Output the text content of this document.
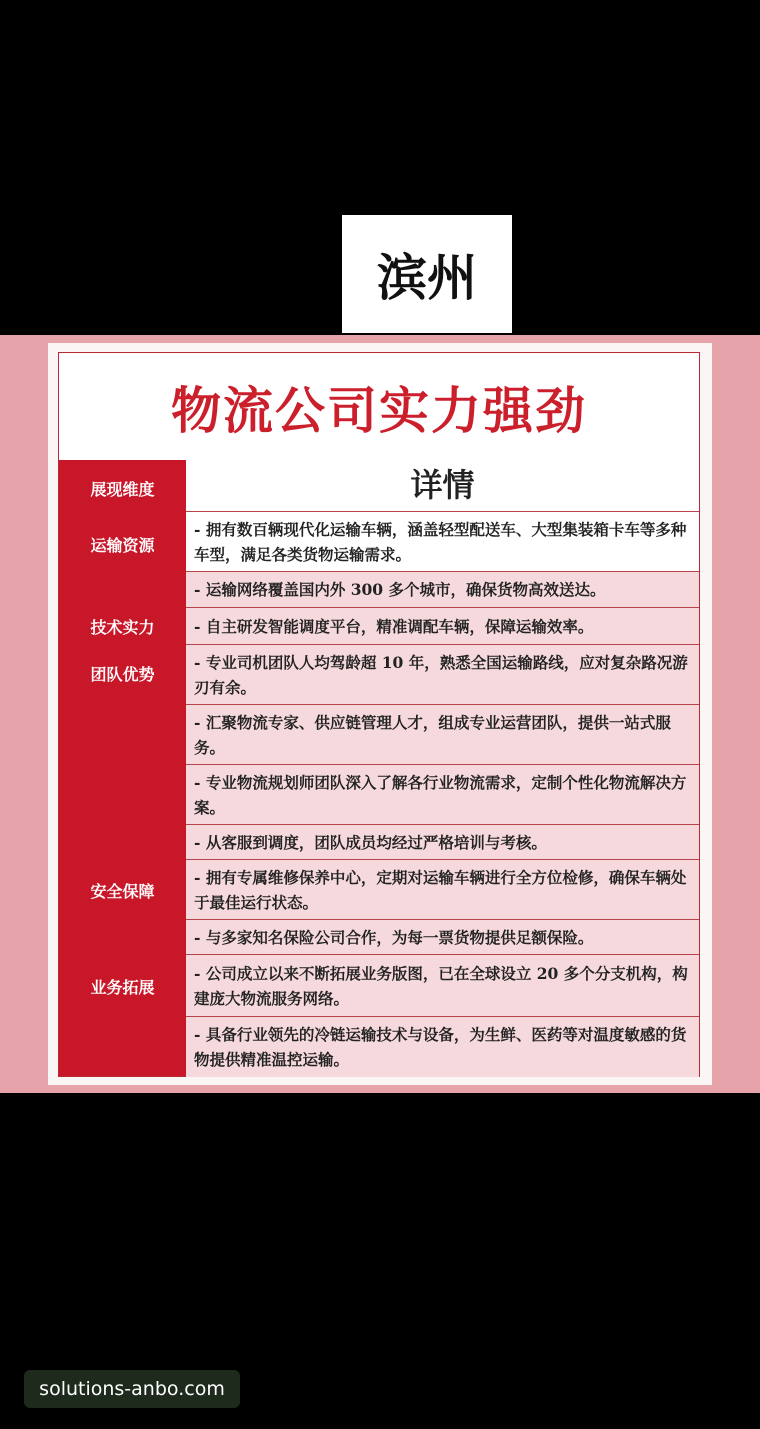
滨州
物流公司实力强劲
展现维度
运输资源
技术实力
团队优势
安全保障
业务拓展
详情
- 拥有数百辆现代化运输车辆，涵盖轻型配送车、大型集装箱卡车等多种车型，满足各类货物运输需求。
- 运输网络覆盖国内外 300 多个城市，确保货物高效送达。
- 自主研发智能调度平台，精准调配车辆，保障运输效率。
- 专业司机团队人均驾龄超 10 年，熟悉全国运输路线，应对复杂路况游刃有余。
- 汇聚物流专家、供应链管理人才，组成专业运营团队，提供一站式服务。
- 专业物流规划师团队深入了解各行业物流需求，定制个性化物流解决方案。
- 从客服到调度，团队成员均经过严格培训与考核。
- 拥有专属维修保养中心，定期对运输车辆进行全方位检修，确保车辆处于最佳运行状态。
- 与多家知名保险公司合作，为每一票货物提供足额保险。
- 公司成立以来不断拓展业务版图，已在全球设立 20 多个分支机构，构建庞大物流服务网络。
- 具备行业领先的冷链运输技术与设备，为生鲜、医药等对温度敏感的货物提供精准温控运输。
solutions-anbo.com
